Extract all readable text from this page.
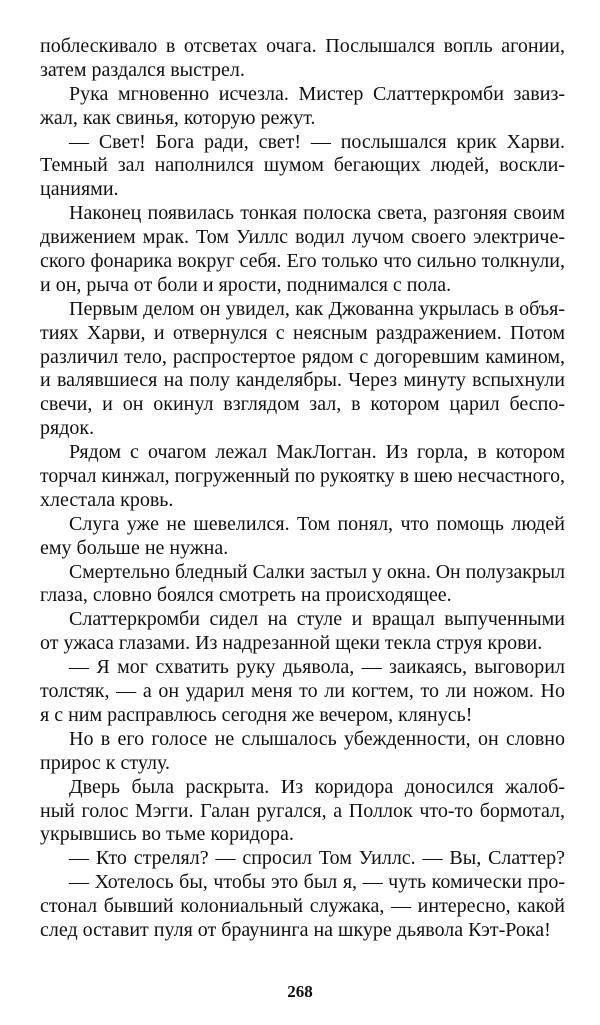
поблескивало в отсветах очага. Послышался вопль агонии,
затем раздался выстрел.
Рука мгновенно исчезла. Мистер Слаттеркромби завиз-
жал, как свинья, которую режут.
— Свет! Бога ради, свет! — послышался крик Харви.
Темный зал наполнился шумом бегающих людей, воскли-
цаниями.
Наконец появилась тонкая полоска света, разгоняя своим
движением мрак. Том Уиллс водил лучом своего электриче-
ского фонарика вокруг себя. Его только что сильно толкнули,
и он, рыча от боли и ярости, поднимался с пола.
Первым делом он увидел, как Джованна укрылась в объя-
тиях Харви, и отвернулся с неясным раздражением. Потом
различил тело, распростертое рядом с догоревшим камином,
и валявшиеся на полу канделябры. Через минуту вспыхнули
свечи, и он окинул взглядом зал, в котором царил беспо-
рядок.
Рядом с очагом лежал МакЛогган. Из горла, в котором
торчал кинжал, погруженный по рукоятку в шею несчастного,
хлестала кровь.
Слуга уже не шевелился. Том понял, что помощь людей
ему больше не нужна.
Смертельно бледный Салки застыл у окна. Он полузакрыл
глаза, словно боялся смотреть на происходящее.
Слаттеркромби сидел на стуле и вращал выпученными
от ужаса глазами. Из надрезанной щеки текла струя крови.
— Я мог схватить руку дьявола, — заикаясь, выговорил
толстяк, — а он ударил меня то ли когтем, то ли ножом. Но
я с ним расправлюсь сегодня же вечером, клянусь!
Но в его голосе не слышалось убежденности, он словно
прирос к стулу.
Дверь была раскрыта. Из коридора доносился жалоб-
ный голос Мэгги. Галан ругался, а Поллок что-то бормотал,
укрывшись во тьме коридора.
— Кто стрелял? — спросил Том Уиллс. — Вы, Слаттер?
— Хотелось бы, чтобы это был я, — чуть комически про-
стонал бывший колониальный служака, — интересно, какой
след оставит пуля от браунинга на шкуре дьявола Кэт-Рока!
268
